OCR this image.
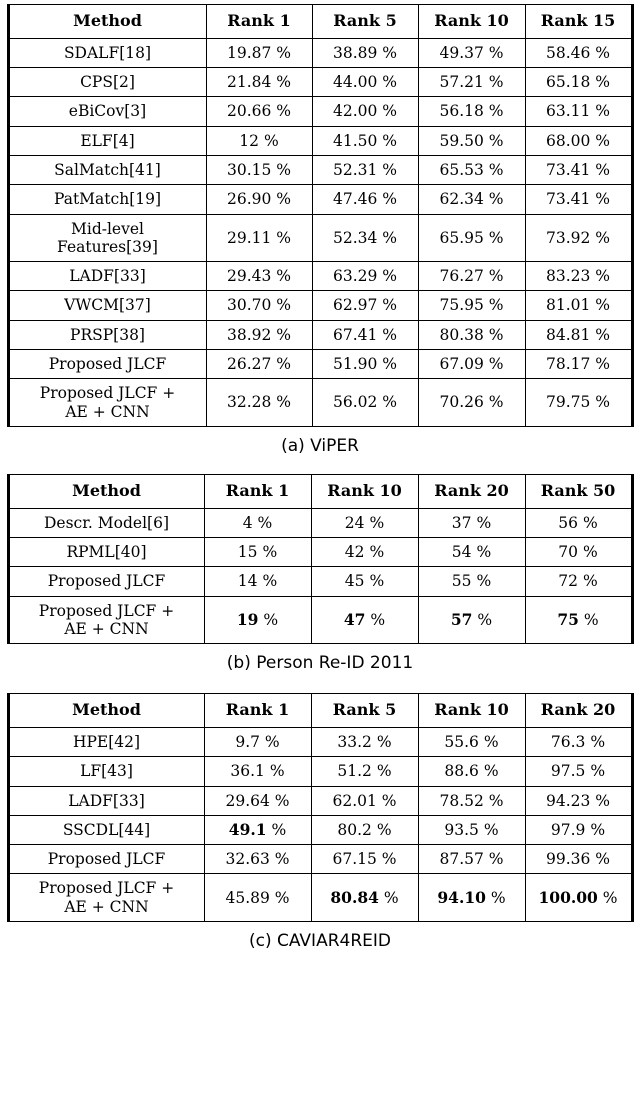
Method	Rank 1	Rank 5	Rank 10	Rank 15
SDALF[18]	19.87 %	38.89 %	49.37 %	58.46 %
CPS[2]	21.84 %	44.00 %	57.21 %	65.18 %
eBiCov[3]	20.66 %	42.00 %	56.18 %	63.11 %
ELF[4]	12 %	41.50 %	59.50 %	68.00 %
SalMatch[41]	30.15 %	52.31 %	65.53 %	73.41 %
PatMatch[19]	26.90 %	47.46 %	62.34 %	73.41 %

Mid-level
Features[39]	29.11 %	52.34 %	65.95 %	73.92 %
LADF[33]	29.43 %	63.29 %	76.27 %	83.23 %
VWCM[37]	30.70 %	62.97 %	75.95 %	81.01 %
PRSP[38]	38.92 %	67.41 %	80.38 %	84.81 %
Proposed JLCF	26.27 %	51.90 %	67.09 %	78.17 %

Proposed JLCF +
AE + CNN	32.28 %	56.02 %	70.26 %	79.75 %
(a) ViPER
Method	Rank 1	Rank 10	Rank 20	Rank 50
Descr. Model[6]	4 %	24 %	37 %	56 %
RPML[40]	15 %	42 %	54 %	70 %
Proposed JLCF	14 %	45 %	55 %	72 %

Proposed JLCF +
AE + CNN	19 %	47 %	57 %	75 %
(b) Person Re-ID 2011
Method	Rank 1	Rank 5	Rank 10	Rank 20
HPE[42]	9.7 %	33.2 %	55.6 %	76.3 %
LF[43]	36.1 %	51.2 %	88.6 %	97.5 %
LADF[33]	29.64 %	62.01 %	78.52 %	94.23 %
SSCDL[44]	49.1 %	80.2 %	93.5 %	97.9 %
Proposed JLCF	32.63 %	67.15 %	87.57 %	99.36 %

Proposed JLCF +
AE + CNN	45.89 %	80.84 %	94.10 %	100.00 %
(c) CAVIAR4REID
